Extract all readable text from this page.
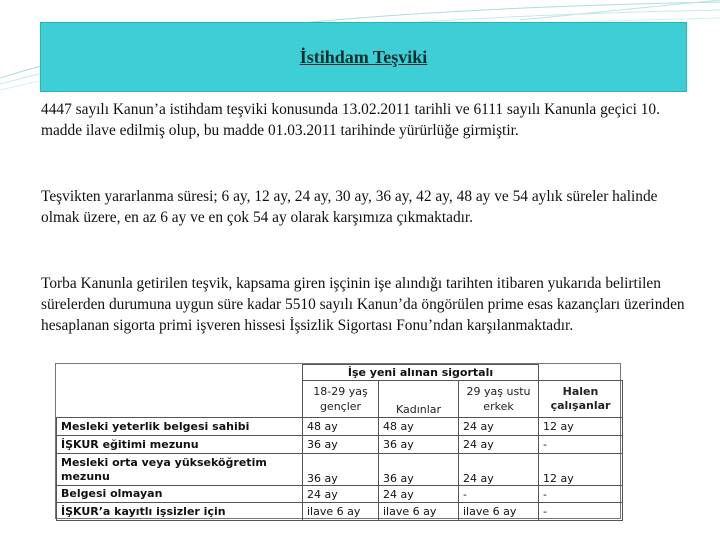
İstihdam Teşviki

4447 sayılı Kanun’a istihdam teşviki konusunda 13.02.2011 tarihli ve 6111 sayılı Kanunla geçici 10. madde ilave edilmiş olup, bu madde 01.03.2011 tarihinde yürürlüğe girmiştir.

Teşvikten yararlanma süresi; 6 ay, 12 ay, 24 ay, 30 ay, 36 ay, 42 ay, 48 ay ve 54 aylık süreler halinde olmak üzere, en az 6 ay ve en çok 54 ay olarak karşımıza çıkmaktadır.

Torba Kanunla getirilen teşvik, kapsama giren işçinin işe alındığı tarihten itibaren yukarıda belirtilen sürelerden durumuna uygun süre kadar 5510 sayılı Kanun’da öngörülen prime esas kazançları üzerinden hesaplanan sigorta primi işveren hissesi İşsizlik Sigortası Fonu’ndan karşılanmaktadır.

	İşe yeni alınan sigortalı			
	18-29 yaş gençler	Kadınlar	29 yaş ustu erkek	Halen çalışanlar
Mesleki yeterlik belgesi sahibi	48 ay	48 ay	24 ay	12 ay
İŞKUR eğitimi mezunu	36 ay	36 ay	24 ay	-
Mesleki orta veya yükseköğretim mezunu	36 ay	36 ay	24 ay	12 ay
Belgesi olmayan	24 ay	24 ay	-	-
İŞKUR’a kayıtlı işsizler için	ilave 6 ay	ilave 6 ay	ilave 6 ay	-
